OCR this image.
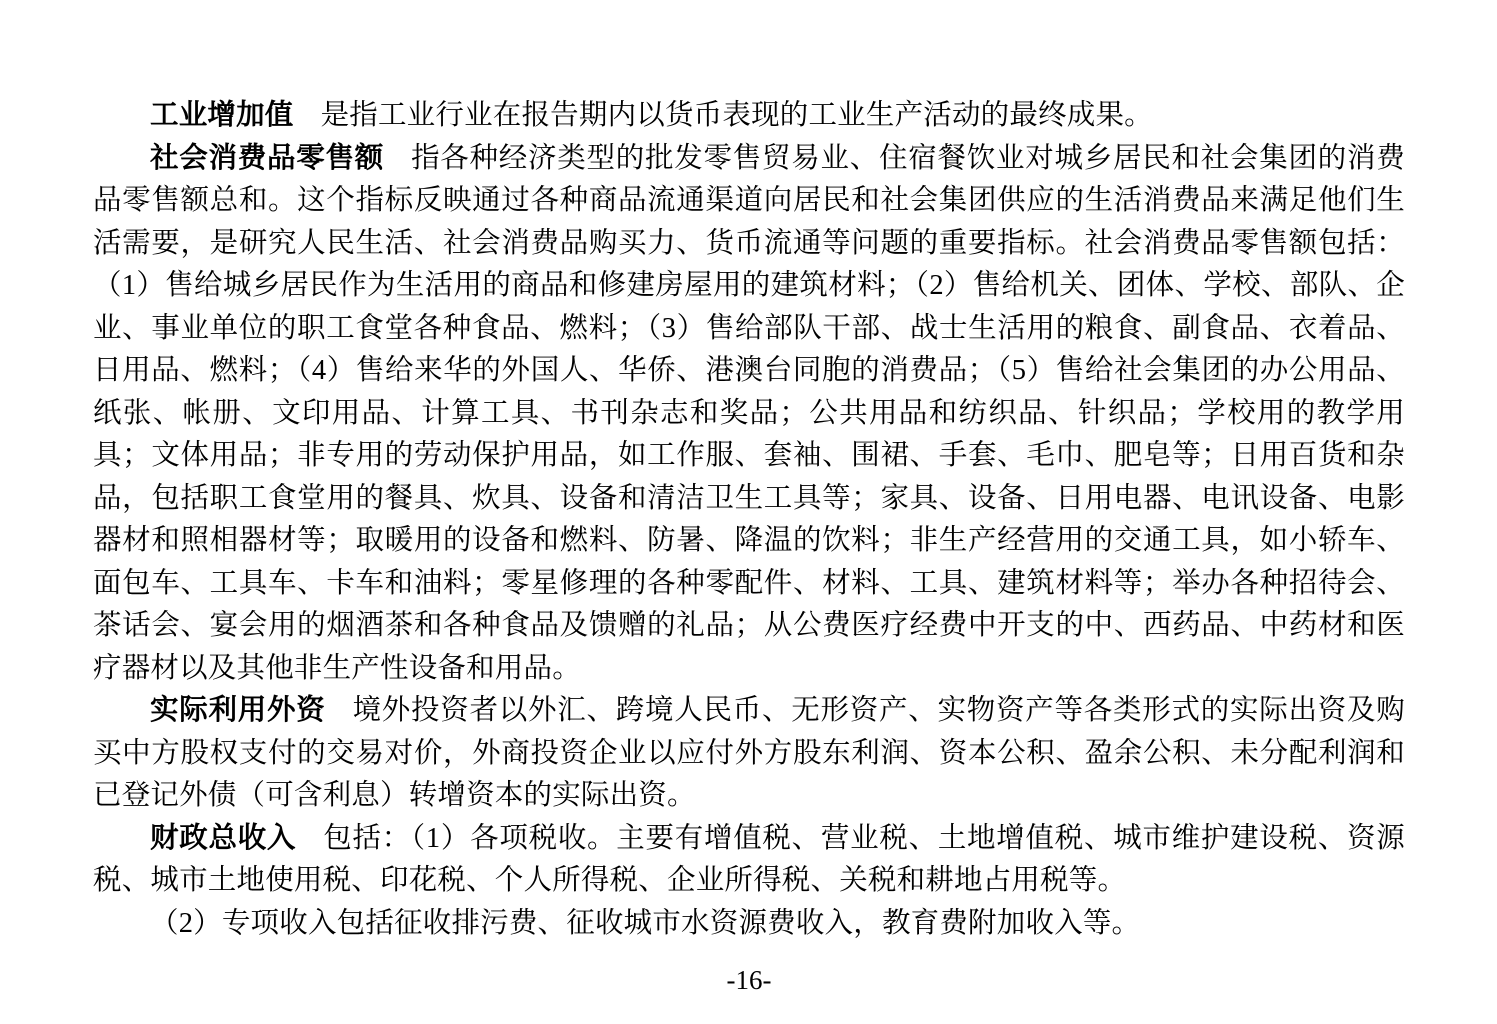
工业增加值 是指工业行业在报告期内以货币表现的工业生产活动的最终成果。

社会消费品零售额 指各种经济类型的批发零售贸易业、住宿餐饮业对城乡居民和社会集团的消费品零售额总和。这个指标反映通过各种商品流通渠道向居民和社会集团供应的生活消费品来满足他们生活需要，是研究人民生活、社会消费品购买力、货币流通等问题的重要指标。社会消费品零售额包括：（1）售给城乡居民作为生活用的商品和修建房屋用的建筑材料；（2）售给机关、团体、学校、部队、企业、事业单位的职工食堂各种食品、燃料；（3）售给部队干部、战士生活用的粮食、副食品、衣着品、日用品、燃料；（4）售给来华的外国人、华侨、港澳台同胞的消费品；（5）售给社会集团的办公用品、纸张、帐册、文印用品、计算工具、书刊杂志和奖品；公共用品和纺织品、针织品；学校用的教学用具；文体用品；非专用的劳动保护用品，如工作服、套袖、围裙、手套、毛巾、肥皂等；日用百货和杂品，包括职工食堂用的餐具、炊具、设备和清洁卫生工具等；家具、设备、日用电器、电讯设备、电影器材和照相器材等；取暖用的设备和燃料、防暑、降温的饮料；非生产经营用的交通工具，如小轿车、面包车、工具车、卡车和油料；零星修理的各种零配件、材料、工具、建筑材料等；举办各种招待会、茶话会、宴会用的烟酒茶和各种食品及馈赠的礼品；从公费医疗经费中开支的中、西药品、中药材和医疗器材以及其他非生产性设备和用品。

实际利用外资 境外投资者以外汇、跨境人民币、无形资产、实物资产等各类形式的实际出资及购买中方股权支付的交易对价，外商投资企业以应付外方股东利润、资本公积、盈余公积、未分配利润和已登记外债（可含利息）转增资本的实际出资。

财政总收入 包括：（1）各项税收。主要有增值税、营业税、土地增值税、城市维护建设税、资源税、城市土地使用税、印花税、个人所得税、企业所得税、关税和耕地占用税等。

（2）专项收入包括征收排污费、征收城市水资源费收入，教育费附加收入等。

-16-
